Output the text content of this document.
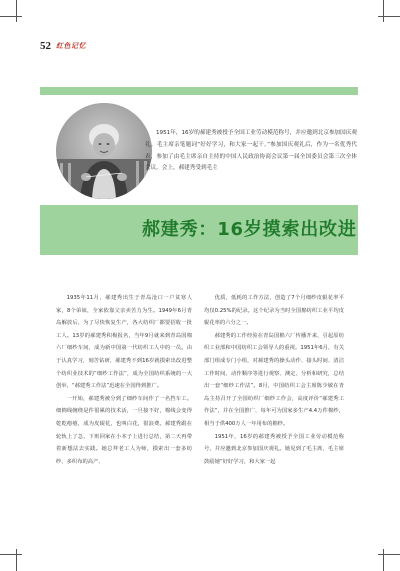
52 红色记忆

1951年，16岁的郝建秀被授予全国工业劳动模范称号，并应邀到北京参加国庆观礼。毛主席亲笔题词“好好学习，和大家一起干。”参加国庆观礼后，作为一名优秀代表，参加了由毛主席亲自主持的中国人民政治协商会议第一届全国委员会第三次全体会议。会上，郝建秀受到毛主

郝建秀：16岁摸索出改进

1935年11月，郝建秀出生于青岛沧口一户贫寒人家，8个弟妹，全家依靠父亲卖苦力为生。1949年6月青岛解放后，为了尽快恢复生产，各大纺织厂都要招收一批工人。13岁的郝建秀积极报名，当年9月就来到青岛国棉六厂细纱车间，成为新中国第一代纺织工人中的一员。由于认真学习，刻苦钻研，郝建秀不到16岁就摸索出改进整个纺织业技术的“细纱工作法”，成为全国纺织系统的一大创举，“郝建秀工作法”迅速在全国得到推广。

一开始，郝建秀被分到了细纱车间作了一名挡车工。细棉线缠绕是件很累的技术活，一旦接不好，棉线会变得乾乾瘪瘪，成为皮辊花，也叫白花，很浪费。郝建秀跟在轮轨上了急，下班回家在小本子上进行总结，第二天再带着新想法去实践。她总拜老工人为师，摸索出一套多纺纱、多织布的高产、

优质，低耗的工作方法，创造了7个月细纱皮辊花率平均仅0.25%的纪录。这个纪录为当时全国棉纺织工业平均皮辊花率的六分之一。

郝建秀的工作经验在青岛国棉六厂传播开来，引起原纺织工业部和中国纺织工会领导人的重视。1951年6月，有关部门组成专门小组，对郝建秀的操头动作、接头时间、清洁工作时间、动作顺序等进行观察、测定、分析和研究，总结出一套“细纱工作法”。8月，中国纺织工会主席陈少敏在青岛主持召开了全国纺织厂细纱工作会，高度评价“郝建秀工作法”，并在全国推广，每年可为国家多生产4.4万件棉纱，相当于供400万人一年用布的棉纱。

1951年，16岁的郝建秀被授予全国工业劳动模范称号，并应邀到北京参加国庆观礼。她见到了毛主席，毛主席鼓励她“好好学习，和大家一起
